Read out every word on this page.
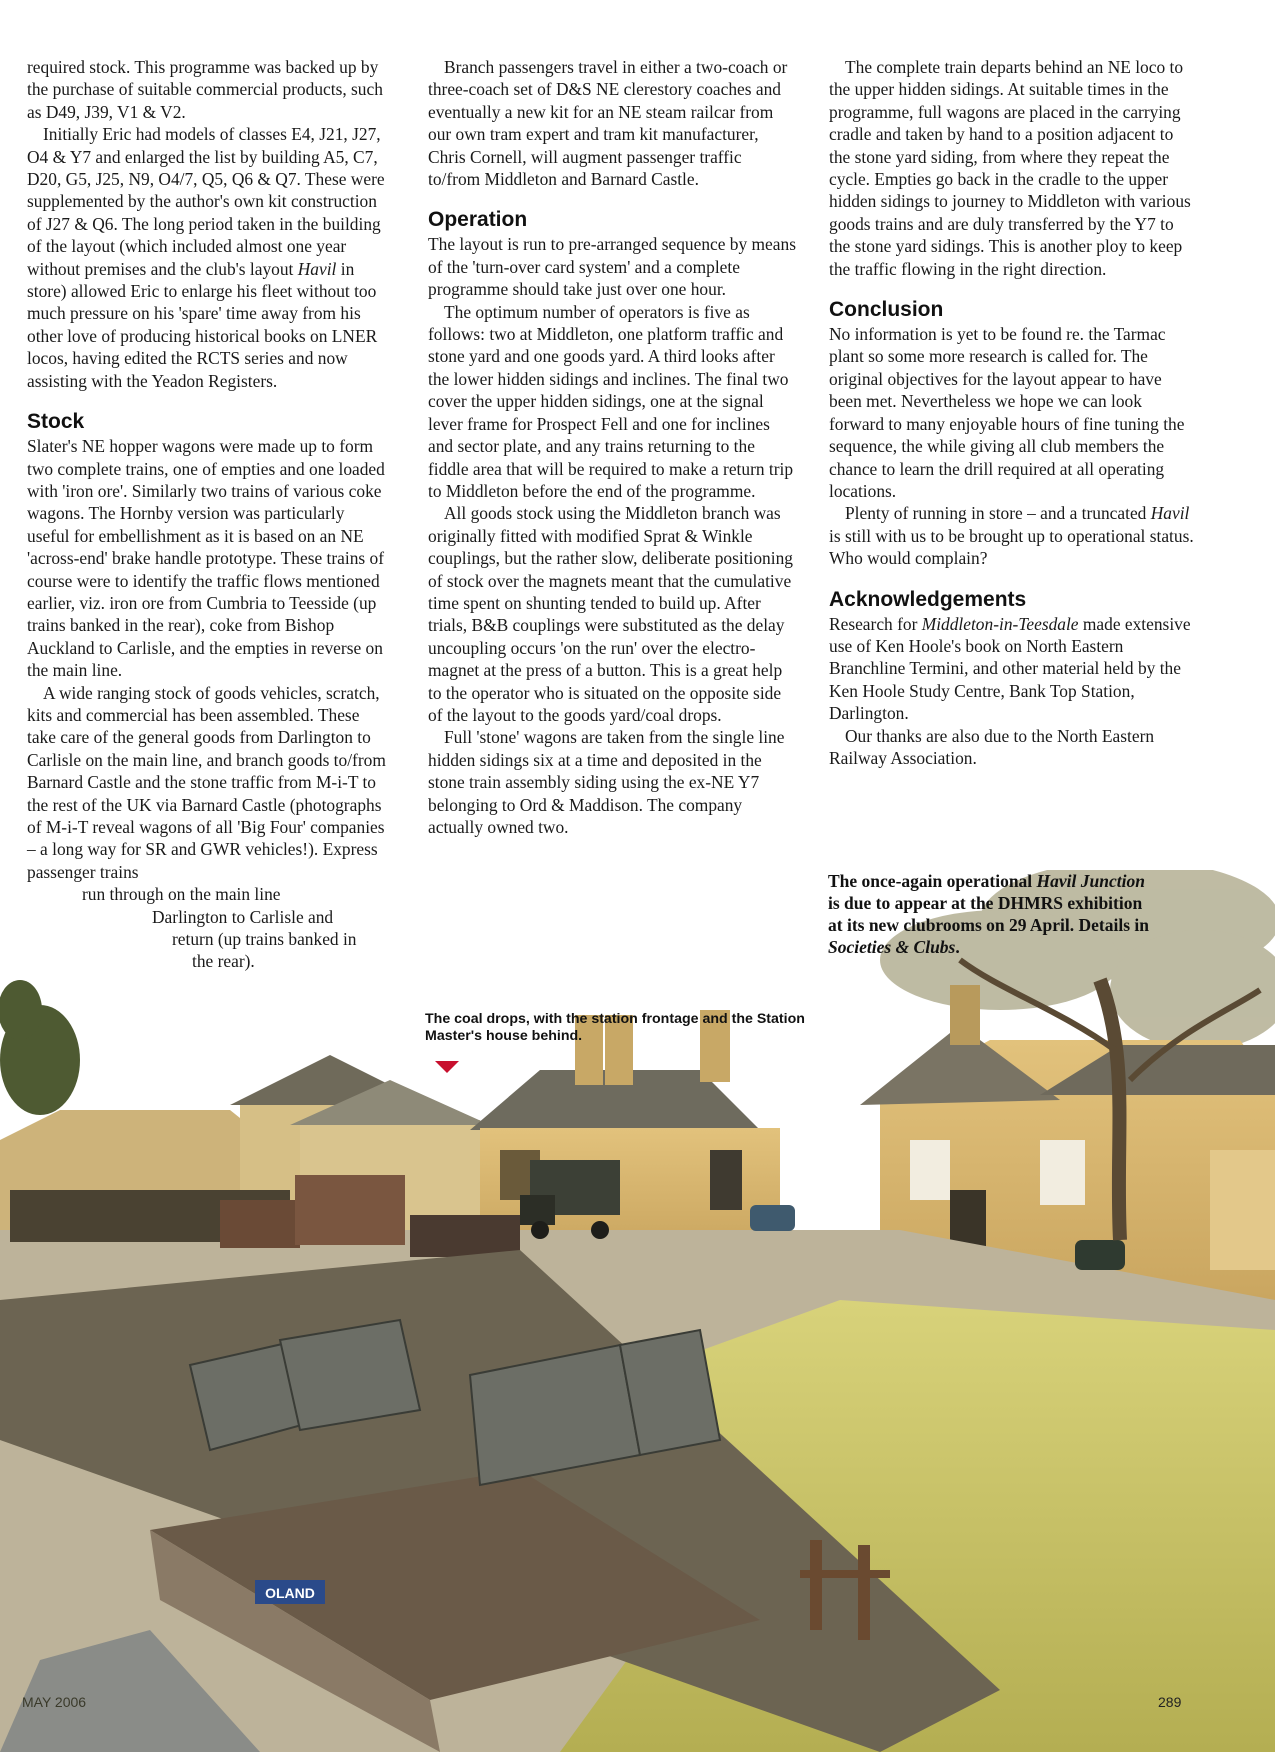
OLAND

required stock. This programme was backed up by the purchase of suitable commercial products, such as D49, J39, V1 & V2.

Initially Eric had models of classes E4, J21, J27, O4 & Y7 and enlarged the list by building A5, C7, D20, G5, J25, N9, O4/7, Q5, Q6 & Q7. These were supplemented by the author's own kit construction of J27 & Q6. The long period taken in the building of the layout (which included almost one year without premises and the club's layout Havil in store) allowed Eric to enlarge his fleet without too much pressure on his 'spare' time away from his other love of producing historical books on LNER locos, having edited the RCTS series and now assisting with the Yeadon Registers.

Stock

Slater's NE hopper wagons were made up to form two complete trains, one of empties and one loaded with 'iron ore'. Similarly two trains of various coke wagons. The Hornby version was particularly useful for embellishment as it is based on an NE 'across-end' brake handle prototype. These trains of course were to identify the traffic flows mentioned earlier, viz. iron ore from Cumbria to Teesside (up trains banked in the rear), coke from Bishop Auckland to Carlisle, and the empties in reverse on the main line.

A wide ranging stock of goods vehicles, scratch, kits and commercial has been assembled. These take care of the general goods from Darlington to Carlisle on the main line, and branch goods to/from Barnard Castle and the stone traffic from M-i-T to the rest of the UK via Barnard Castle (photographs of M-i-T reveal wagons of all 'Big Four' companies – a long way for SR and GWR vehicles!). Express passenger trains

run through on the main line

Darlington to Carlisle and

return (up trains banked in

the rear).

Branch passengers travel in either a two-coach or three-coach set of D&S NE clerestory coaches and eventually a new kit for an NE steam railcar from our own tram expert and tram kit manufacturer, Chris Cornell, will augment passenger traffic to/from Middleton and Barnard Castle.

Operation

The layout is run to pre-arranged sequence by means of the 'turn-over card system' and a complete programme should take just over one hour.

The optimum number of operators is five as follows: two at Middleton, one platform traffic and stone yard and one goods yard. A third looks after the lower hidden sidings and inclines. The final two cover the upper hidden sidings, one at the signal lever frame for Prospect Fell and one for inclines and sector plate, and any trains returning to the fiddle area that will be required to make a return trip to Middleton before the end of the programme.

All goods stock using the Middleton branch was originally fitted with modified Sprat & Winkle couplings, but the rather slow, deliberate positioning of stock over the magnets meant that the cumulative time spent on shunting tended to build up. After trials, B&B couplings were substituted as the delay uncoupling occurs 'on the run' over the electro-magnet at the press of a button. This is a great help to the operator who is situated on the opposite side of the layout to the goods yard/coal drops.

Full 'stone' wagons are taken from the single line hidden sidings six at a time and deposited in the stone train assembly siding using the ex-NE Y7 belonging to Ord & Maddison. The company actually owned two.

The complete train departs behind an NE loco to the upper hidden sidings. At suitable times in the programme, full wagons are placed in the carrying cradle and taken by hand to a position adjacent to the stone yard siding, from where they repeat the cycle. Empties go back in the cradle to the upper hidden sidings to journey to Middleton with various goods trains and are duly transferred by the Y7 to the stone yard sidings. This is another ploy to keep the traffic flowing in the right direction.

Conclusion

No information is yet to be found re. the Tarmac plant so some more research is called for. The original objectives for the layout appear to have been met. Nevertheless we hope we can look forward to many enjoyable hours of fine tuning the sequence, the while giving all club members the chance to learn the drill required at all operating locations.

Plenty of running in store – and a truncated Havil is still with us to be brought up to operational status. Who would complain?

Acknowledgements

Research for Middleton-in-Teesdale made extensive use of Ken Hoole's book on North Eastern Branchline Termini, and other material held by the Ken Hoole Study Centre, Bank Top Station, Darlington.

Our thanks are also due to the North Eastern Railway Association.

The once-again operational Havil Junction is due to appear at the DHMRS exhibition at its new clubrooms on 29 April. Details in Societies & Clubs.
The coal drops, with the station frontage and the Station Master's house behind.
MAY 2006	289
